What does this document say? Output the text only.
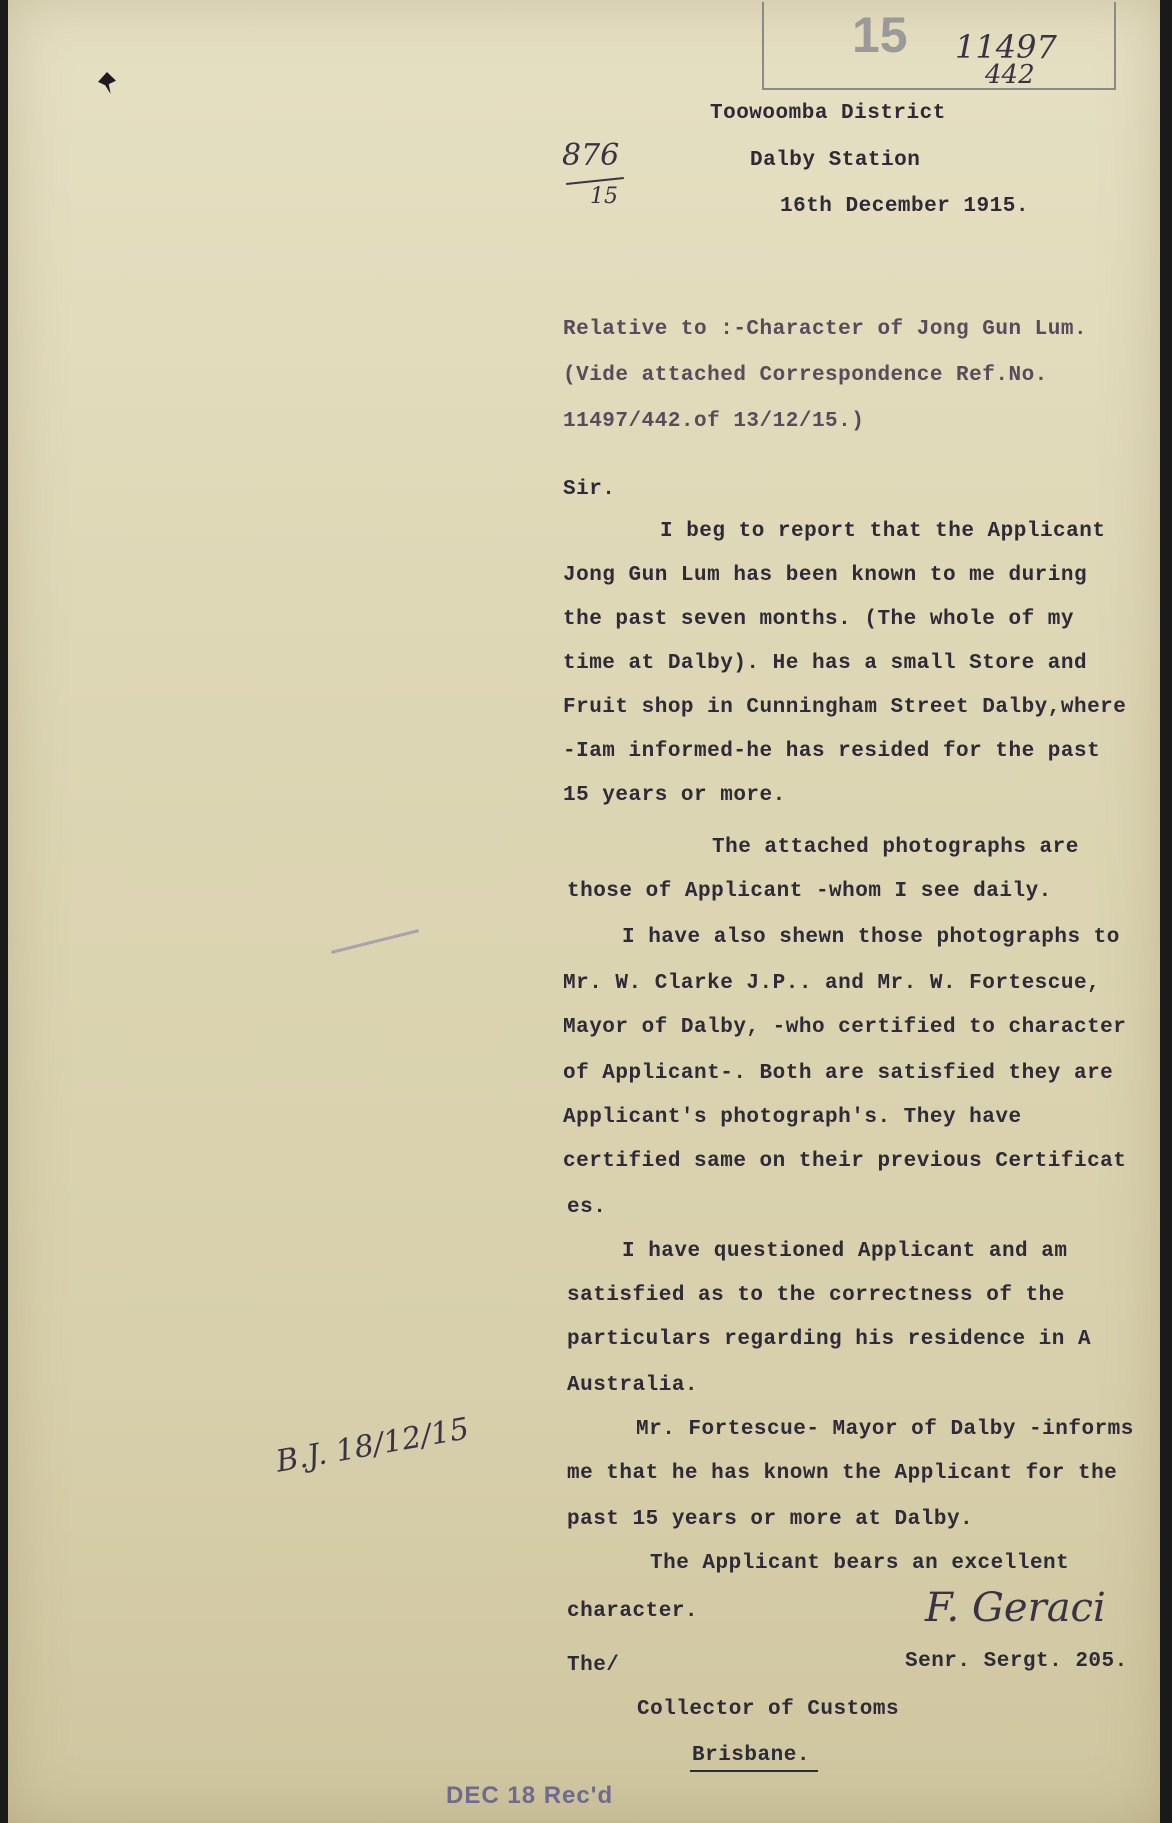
15 11497
442
876
15
Toowoomba District
Dalby Station
16th December 1915.
Relative to :-Character of Jong Gun Lum.
(Vide attached Correspondence Ref.No.
11497/442.of 13/12/15.)
Sir.
I beg to report that the Applicant
Jong Gun Lum has been known to me during
the past seven months. (The whole of my
time at Dalby). He has a small Store and
Fruit shop in Cunningham Street Dalby,where
-Iam informed-he has resided for the past
15 years or more.
The attached photographs are
those of Applicant -whom I see daily.
I have also shewn those photographs to
Mr. W. Clarke J.P.. and Mr. W. Fortescue,
Mayor of Dalby, -who certified to character
of Applicant-. Both are satisfied they are
Applicant's photograph's. They have
certified same on their previous Certificat
es.
I have questioned Applicant and am
satisfied as to the correctness of the
particulars regarding his residence in A
Australia.
Mr. Fortescue- Mayor of Dalby -informs
me that he has known the Applicant for the
past 15 years or more at Dalby.
The Applicant bears an excellent
character.	F. Geraci
Senr. Sergt. 205.
The/
Collector of Customs
Brisbane.
DEC 18 Rec'd
B.J. 18/12/15
